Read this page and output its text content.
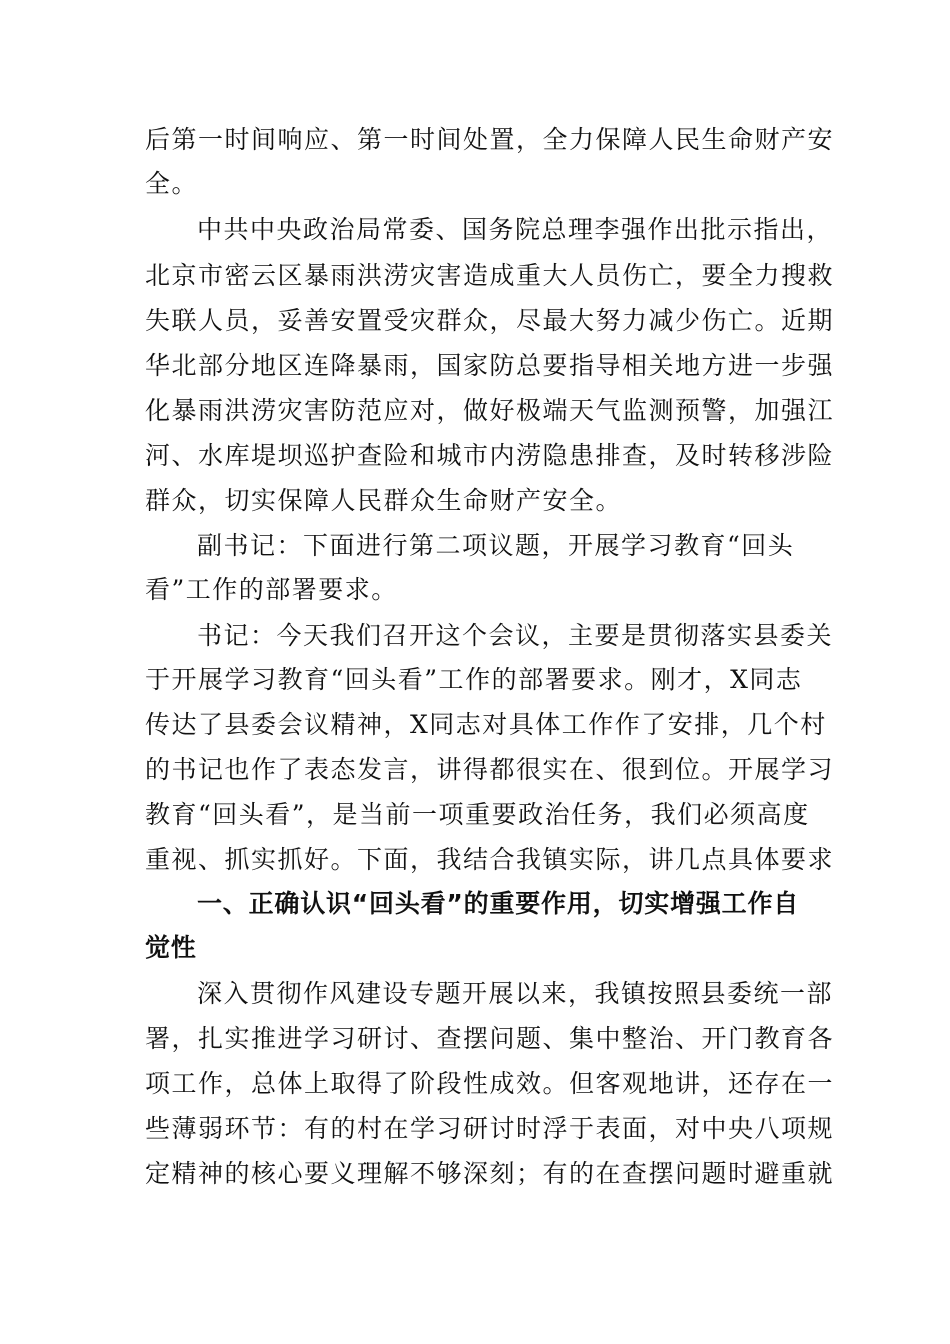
后第一时间响应、第一时间处置，全力保障人民生命财产安
全。
中共中央政治局常委、国务院总理李强作出批示指出，
北京市密云区暴雨洪涝灾害造成重大人员伤亡，要全力搜救
失联人员，妥善安置受灾群众，尽最大努力减少伤亡。近期
华北部分地区连降暴雨，国家防总要指导相关地方进一步强
化暴雨洪涝灾害防范应对，做好极端天气监测预警，加强江
河、水库堤坝巡护查险和城市内涝隐患排查，及时转移涉险
群众，切实保障人民群众生命财产安全。
副书记：下面进行第二项议题，开展学习教育“回头
看”工作的部署要求。
书记：今天我们召开这个会议，主要是贯彻落实县委关
于开展学习教育“回头看”工作的部署要求。刚才，X同志
传达了县委会议精神，X同志对具体工作作了安排，几个村
的书记也作了表态发言，讲得都很实在、很到位。开展学习
教育“回头看”，是当前一项重要政治任务，我们必须高度
重视、抓实抓好。下面，我结合我镇实际，讲几点具体要求
一、正确认识“回头看”的重要作用，切实增强工作自
觉性
深入贯彻作风建设专题开展以来，我镇按照县委统一部
署，扎实推进学习研讨、查摆问题、集中整治、开门教育各
项工作，总体上取得了阶段性成效。但客观地讲，还存在一
些薄弱环节：有的村在学习研讨时浮于表面，对中央八项规
定精神的核心要义理解不够深刻；有的在查摆问题时避重就
